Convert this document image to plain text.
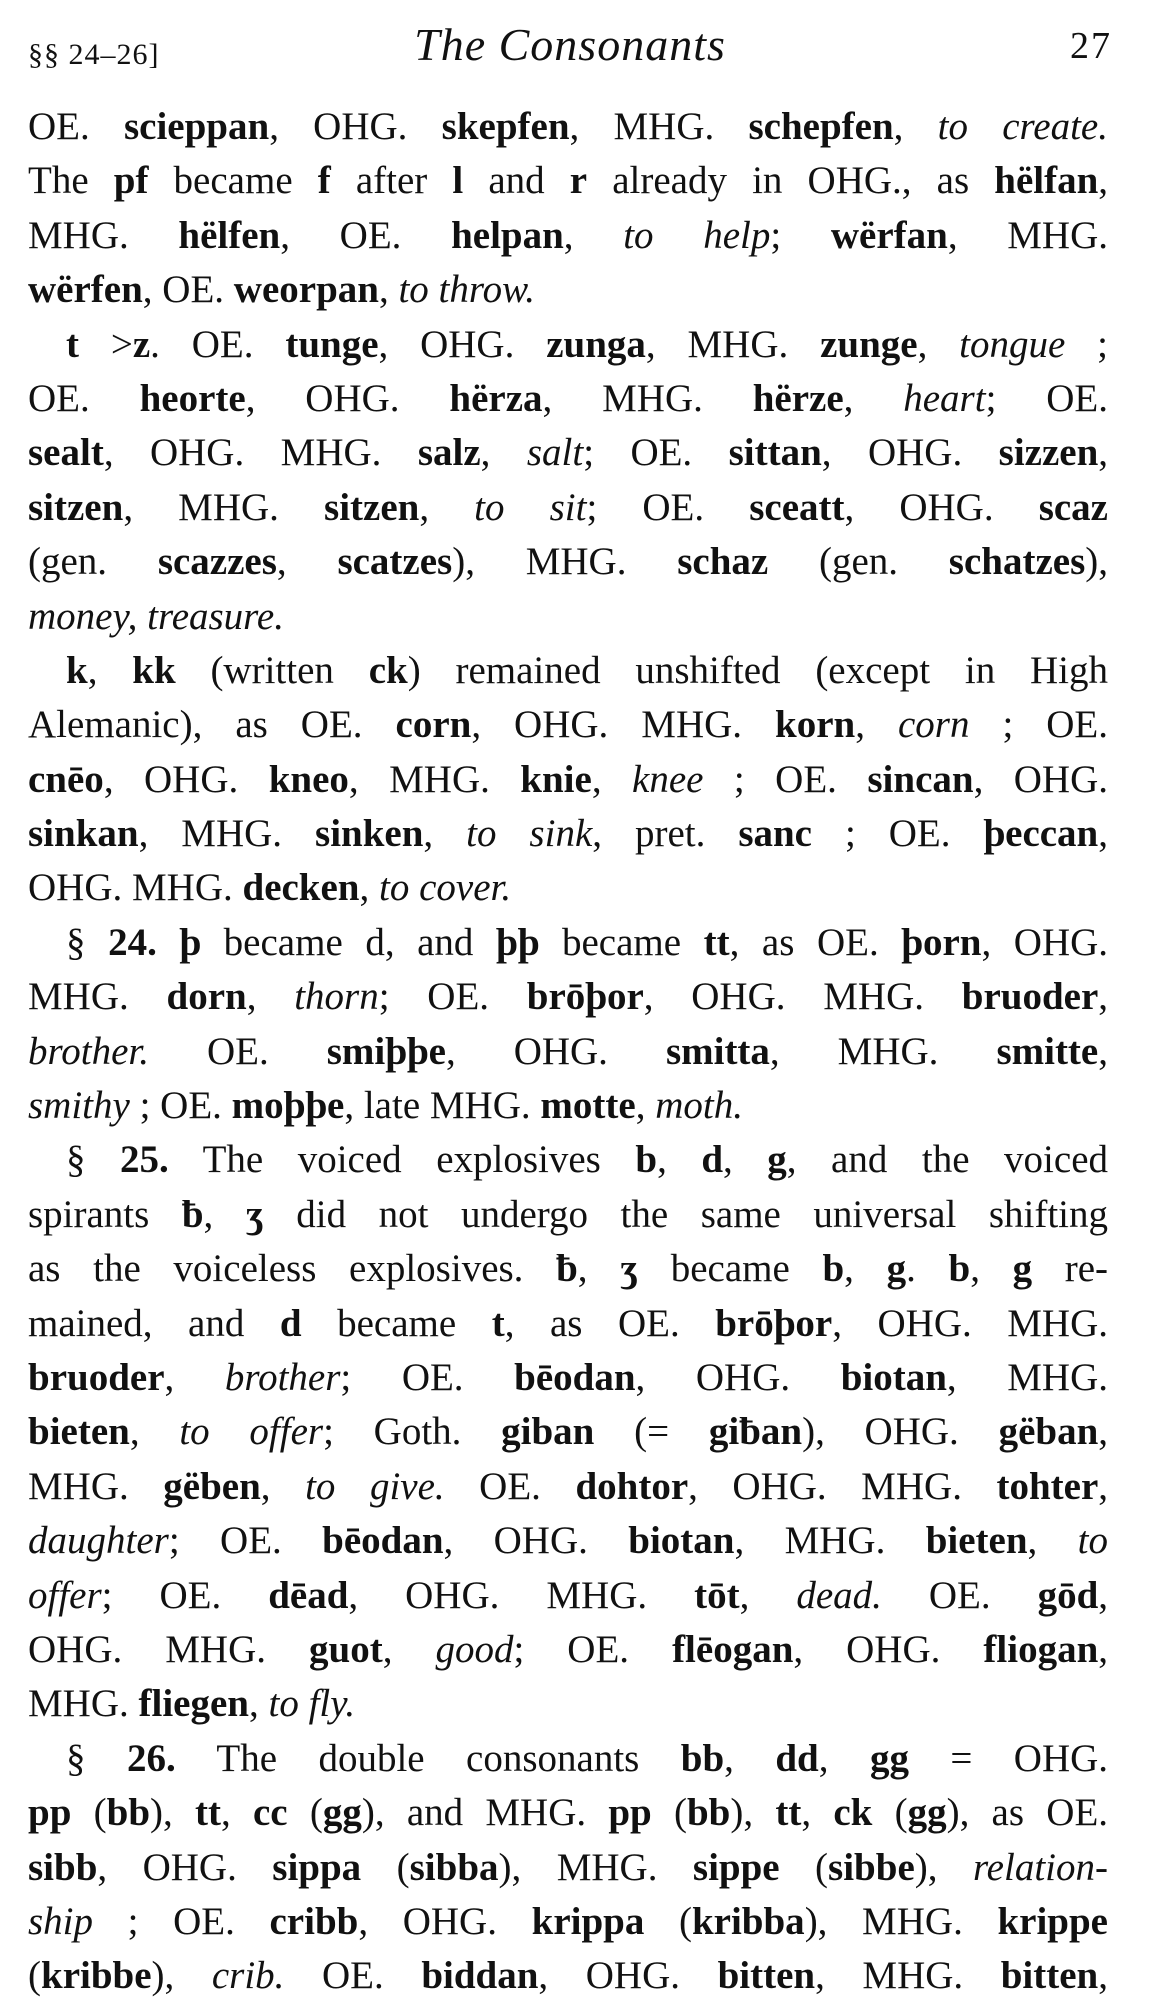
§§ 24–26]	The Consonants	27
OE. scieppan, OHG. skepfen, MHG. schepfen, to create.
The pf became f after l and r already in OHG., as hëlfan,
MHG. hëlfen, OE. helpan, to help; wërfan, MHG.
wërfen, OE. weorpan, to throw.
t >z. OE. tunge, OHG. zunga, MHG. zunge, tongue ;
OE. heorte, OHG. hërza, MHG. hërze, heart; OE.
sealt, OHG. MHG. salz, salt; OE. sittan, OHG. sizzen,
sitzen, MHG. sitzen, to sit; OE. sceatt, OHG. scaz
(gen. scazzes, scatzes), MHG. schaz (gen. schatzes),
money, treasure.
k, kk (written ck) remained unshifted (except in High
Alemanic), as OE. corn, OHG. MHG. korn, corn ; OE.
cnēo, OHG. kneo, MHG. knie, knee ; OE. sincan, OHG.
sinkan, MHG. sinken, to sink, pret. sanc ; OE. þeccan,
OHG. MHG. decken, to cover.
§ 24. þ became d, and þþ became tt, as OE. þorn, OHG.
MHG. dorn, thorn; OE. brōþor, OHG. MHG. bruoder,
brother. OE. smiþþe, OHG. smitta, MHG. smitte,
smithy ; OE. moþþe, late MHG. motte, moth.
§ 25. The voiced explosives b, d, g, and the voiced
spirants ƀ, ʒ did not undergo the same universal shifting
as the voiceless explosives. ƀ, ʒ became b, g. b, g re-
mained, and d became t, as OE. brōþor, OHG. MHG.
bruoder, brother; OE. bēodan, OHG. biotan, MHG.
bieten, to offer; Goth. giban (= giƀan), OHG. gëban,
MHG. gëben, to give. OE. dohtor, OHG. MHG. tohter,
daughter; OE. bēodan, OHG. biotan, MHG. bieten, to
offer; OE. dēad, OHG. MHG. tōt, dead. OE. gōd,
OHG. MHG. guot, good; OE. flēogan, OHG. fliogan,
MHG. fliegen, to fly.
§ 26. The double consonants bb, dd, gg = OHG.
pp (bb), tt, cc (gg), and MHG. pp (bb), tt, ck (gg), as OE.
sibb, OHG. sippa (sibba), MHG. sippe (sibbe), relation-
ship ; OE. cribb, OHG. krippa (kribba), MHG. krippe
(kribbe), crib. OE. biddan, OHG. bitten, MHG. bitten,
